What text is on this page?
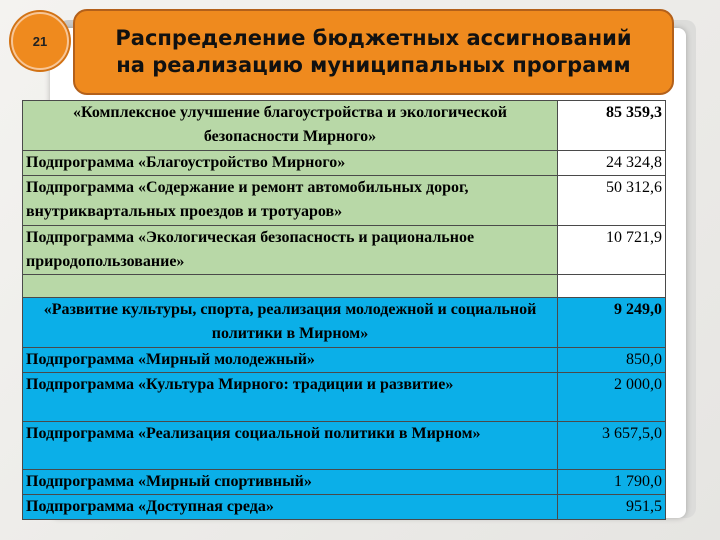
21	Распределение бюджетных ассигнований на реализацию муниципальных программ
«Комплексное улучшение благоустройства и экологической безопасности Мирного»	85 359,3
Подпрограмма «Благоустройство Мирного»	24 324,8
Подпрограмма «Содержание и ремонт автомобильных дорог, внутриквартальных проездов и тротуаров»	50 312,6
Подпрограмма «Экологическая безопасность и рациональное природопользование»	10 721,9

«Развитие культуры, спорта, реализация молодежной и социальной политики в Мирном»	9 249,0
Подпрограмма «Мирный молодежный»	850,0
Подпрограмма «Культура Мирного: традиции и развитие»	2 000,0
Подпрограмма «Реализация социальной политики в Мирном»	3 657,5,0
Подпрограмма «Мирный спортивный»	1 790,0
Подпрограмма «Доступная среда»	951,5
